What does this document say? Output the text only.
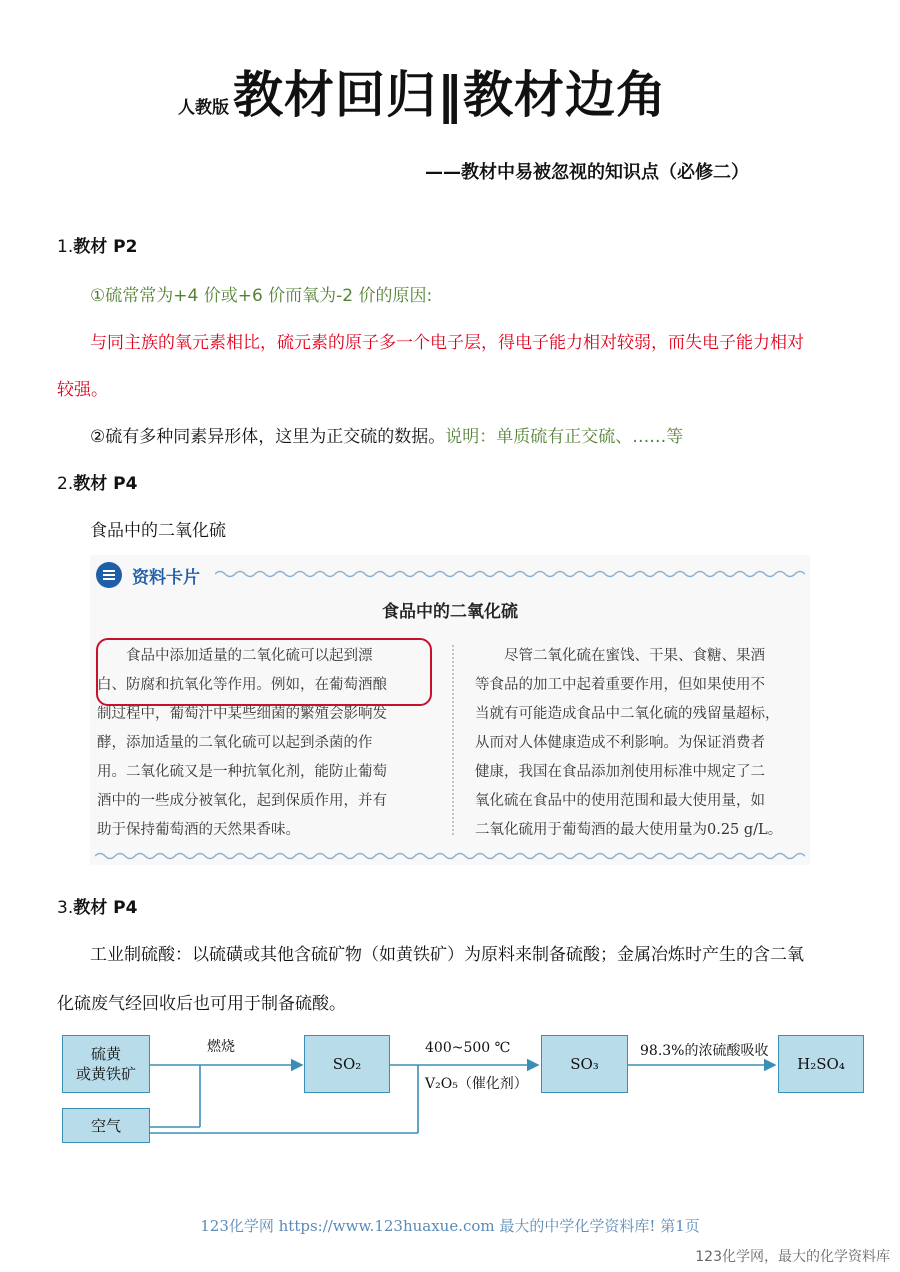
人教版 教材回归‖教材边角
——教材中易被忽视的知识点（必修二）
1.教材 P2
①硫常常为+4 价或+6 价而氧为-2 价的原因:
与同主族的氧元素相比，硫元素的原子多一个电子层，得电子能力相对较弱，而失电子能力相对
较强。
②硫有多种同素异形体，这里为正交硫的数据。说明：单质硫有正交硫、……等
2.教材 P4
食品中的二氧化硫
资料卡片
食品中的二氧化硫
食品中添加适量的二氧化硫可以起到漂
白、防腐和抗氧化等作用。例如，在葡萄酒酿
制过程中，葡萄汁中某些细菌的繁殖会影响发
酵，添加适量的二氧化硫可以起到杀菌的作
用。二氧化硫又是一种抗氧化剂，能防止葡萄
酒中的一些成分被氧化，起到保质作用，并有
助于保持葡萄酒的天然果香味。
尽管二氧化硫在蜜饯、干果、食糖、果酒
等食品的加工中起着重要作用，但如果使用不
当就有可能造成食品中二氧化硫的残留量超标，
从而对人体健康造成不利影响。为保证消费者
健康，我国在食品添加剂使用标准中规定了二
氧化硫在食品中的使用范围和最大使用量，如
二氧化硫用于葡萄酒的最大使用量为0.25 g/L。
3.教材 P4
工业制硫酸：以硫磺或其他含硫矿物（如黄铁矿）为原料来制备硫酸；金属冶炼时产生的含二氧
化硫废气经回收后也可用于制备硫酸。
硫黄
或黄铁矿
空气
SO₂	SO₃	H₂SO₄
燃烧	400~500 ℃
V₂O₅（催化剂）
98.3%的浓硫酸吸收
123化学网 https://www.123huaxue.com 最大的中学化学资料库! 第1页
123化学网，最大的化学资料库
